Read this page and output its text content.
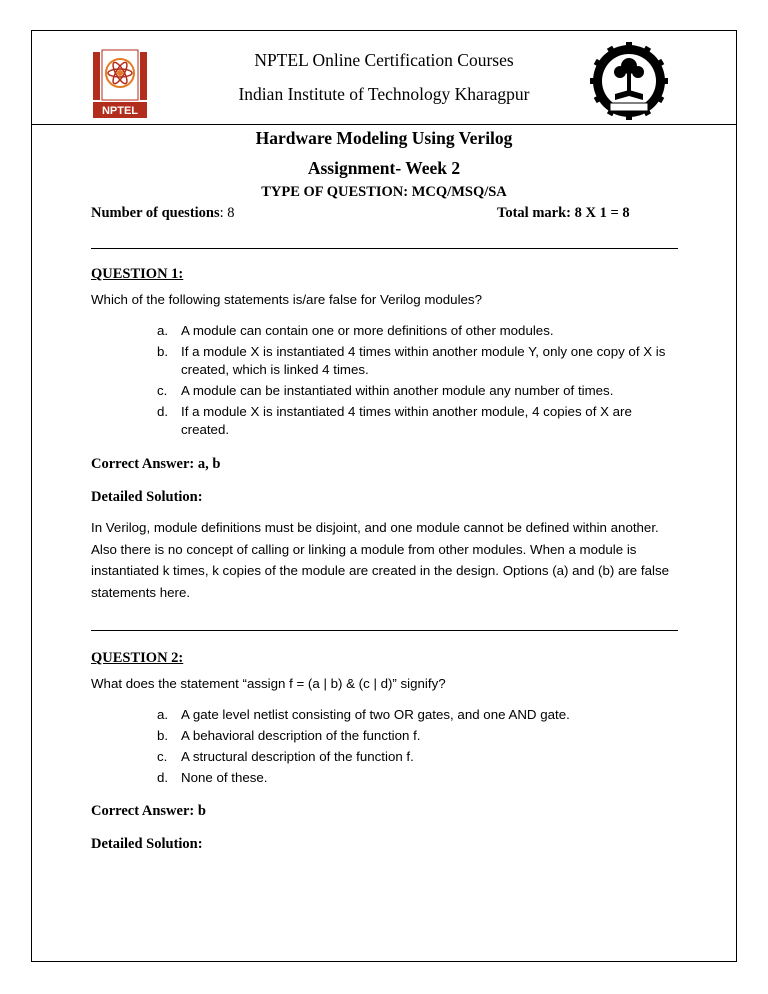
NPTEL
NPTEL Online Certification Courses
Indian Institute of Technology Kharagpur
Hardware Modeling Using Verilog
Assignment- Week 2
TYPE OF QUESTION: MCQ/MSQ/SA
Number of questions: 8	Total mark: 8 X 1 = 8
QUESTION 1:
Which of the following statements is/are false for Verilog modules?
a. A module can contain one or more definitions of other modules.
b. If a module X is instantiated 4 times within another module Y, only one copy of X is created, which is linked 4 times.
c. A module can be instantiated within another module any number of times.
d. If a module X is instantiated 4 times within another module, 4 copies of X are created.
Correct Answer: a, b
Detailed Solution:
In Verilog, module definitions must be disjoint, and one module cannot be defined within another. Also there is no concept of calling or linking a module from other modules. When a module is instantiated k times, k copies of the module are created in the design. Options (a) and (b) are false statements here.
QUESTION 2:
What does the statement “assign f = (a | b) & (c | d)” signify?
a. A gate level netlist consisting of two OR gates, and one AND gate.
b. A behavioral description of the function f.
c. A structural description of the function f.
d. None of these.
Correct Answer: b
Detailed Solution:
